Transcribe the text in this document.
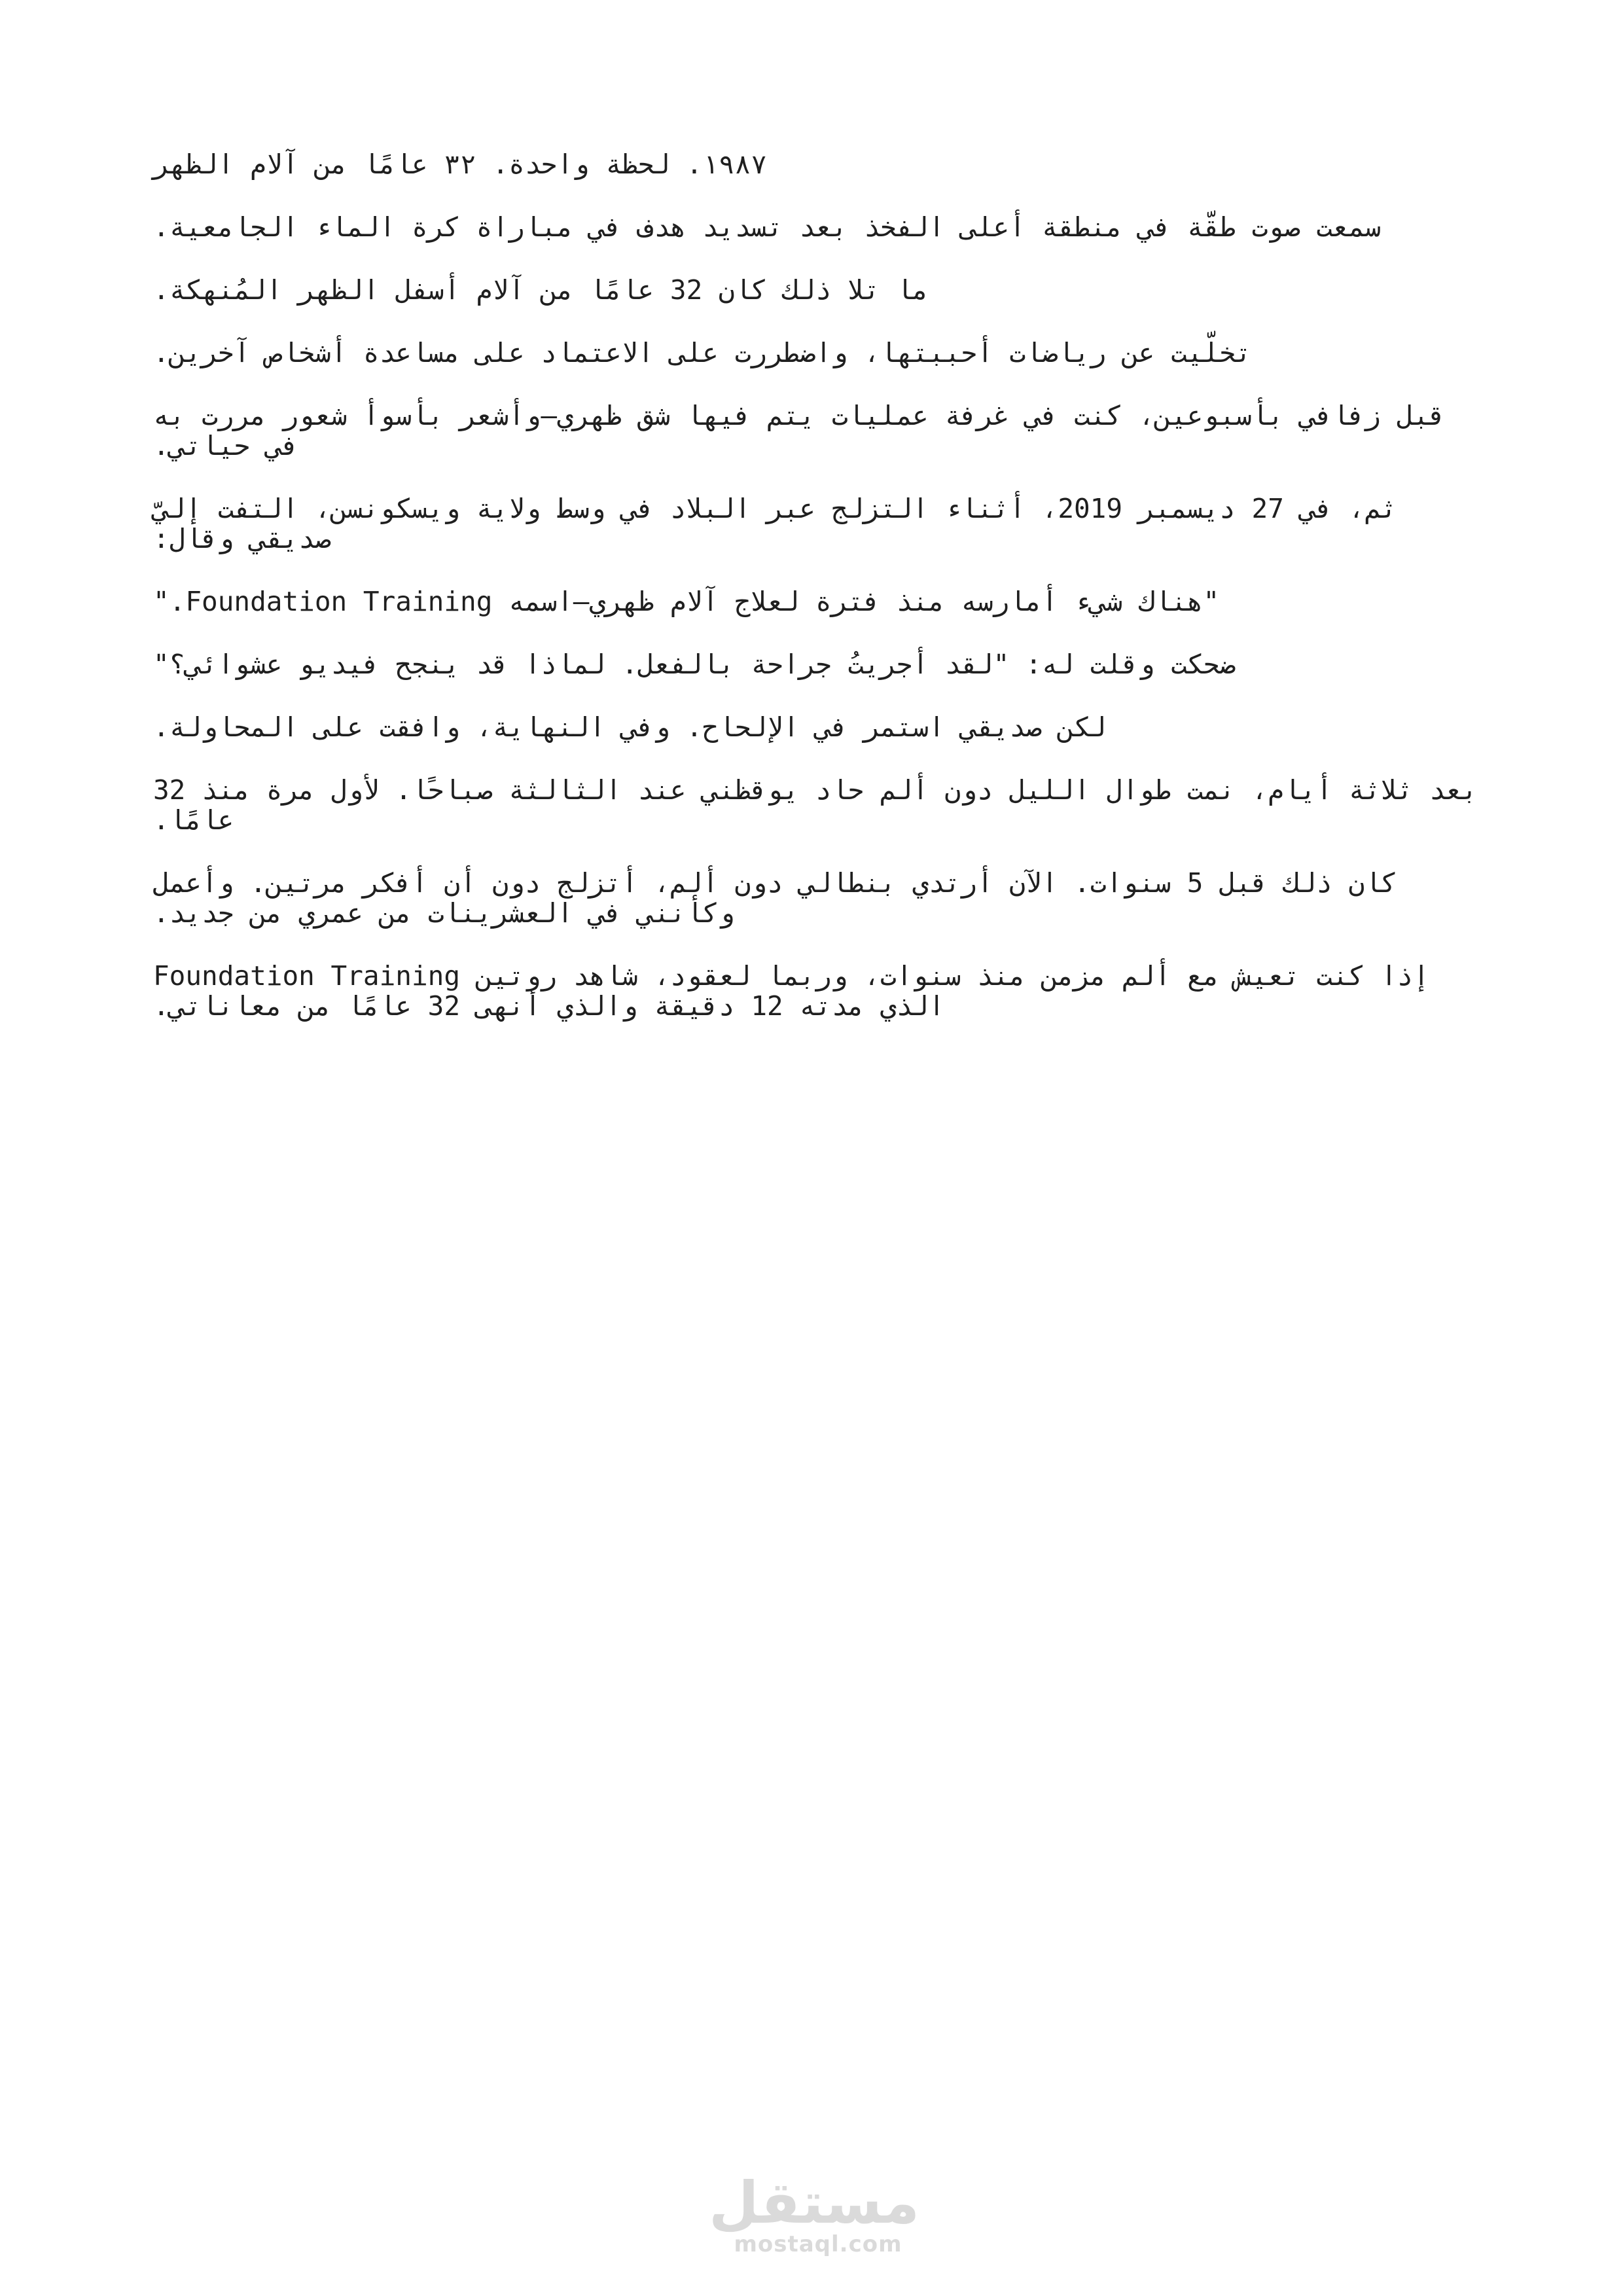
١٩٨٧. لحظة واحدة. ٣٢ عامًا من آلام الظهر

سمعت صوت طقّة في منطقة أعلى الفخذ بعد تسديد هدف في مباراة كرة الماء الجامعية.

ما تلا ذلك كان 32 عامًا من آلام أسفل الظهر المُنهكة.

تخلّيت عن رياضات أحببتها، واضطررت على الاعتماد على مساعدة أشخاص آخرين.

قبل زفافي بأسبوعين، كنت في غرفة عمليات يتم فيها شق ظهري—وأشعر بأسوأ شعور مررت به في حياتي.

ثم، في 27 ديسمبر 2019، أثناء التزلج عبر البلاد في وسط ولاية ويسكونسن، التفت إليّ صديقي وقال:

"هناك شيء أمارسه منذ فترة لعلاج آلام ظهري—اسمه Foundation Training."

ضحكت وقلت له: "لقد أجريتُ جراحة بالفعل. لماذا قد ينجح فيديو عشوائي؟"

لكن صديقي استمر في الإلحاح. وفي النهاية، وافقت على المحاولة.

بعد ثلاثة أيام، نمت طوال الليل دون ألم حاد يوقظني عند الثالثة صباحًا. لأول مرة منذ 32 عامًا.

كان ذلك قبل 5 سنوات. الآن أرتدي بنطالي دون ألم، أتزلج دون أن أفكر مرتين. وأعمل وكأنني في العشرينات من عمري من جديد.

إذا كنت تعيش مع ألم مزمن منذ سنوات، وربما لعقود، شاهد روتين Foundation Training الذي مدته 12 دقيقة والذي أنهى 32 عامًا من معاناتي.

مستقل
mostaql.com
